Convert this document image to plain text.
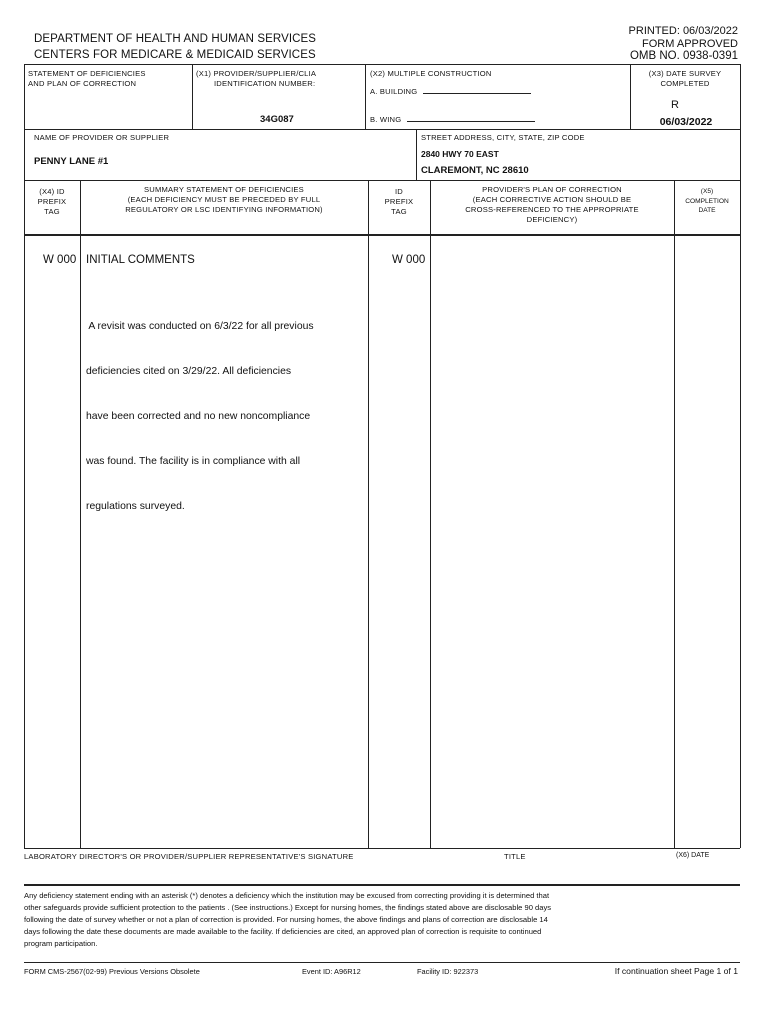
DEPARTMENT OF HEALTH AND HUMAN SERVICES
CENTERS FOR MEDICARE & MEDICAID SERVICES
PRINTED: 06/03/2022
FORM APPROVED
OMB NO. 0938-0391
STATEMENT OF DEFICIENCIES
AND PLAN OF CORRECTION
(X1) PROVIDER/SUPPLIER/CLIA
IDENTIFICATION NUMBER:
34G087
(X2) MULTIPLE CONSTRUCTION
A. BUILDING
B. WING
(X3) DATE SURVEY
COMPLETED
R
06/03/2022
NAME OF PROVIDER OR SUPPLIER
PENNY LANE #1
STREET ADDRESS, CITY, STATE, ZIP CODE
2840 HWY 70 EAST
CLAREMONT, NC 28610
(X4) ID
PREFIX
TAG
SUMMARY STATEMENT OF DEFICIENCIES
(EACH DEFICIENCY MUST BE PRECEDED BY FULL
REGULATORY OR LSC IDENTIFYING INFORMATION)
ID
PREFIX
TAG
PROVIDER'S PLAN OF CORRECTION
(EACH CORRECTIVE ACTION SHOULD BE
CROSS-REFERENCED TO THE APPROPRIATE
DEFICIENCY)
(X5)
COMPLETION
DATE
W 000 INITIAL COMMENTS	W 000

A revisit was conducted on 6/3/22 for all previous

deficiencies cited on 3/29/22. All deficiencies

have been corrected and no new noncompliance

was found. The facility is in compliance with all

regulations surveyed.

LABORATORY DIRECTOR'S OR PROVIDER/SUPPLIER REPRESENTATIVE'S SIGNATURE	TITLE	(X6) DATE
Any deficiency statement ending with an asterisk (*) denotes a deficiency which the institution may be excused from correcting providing it is determined that
other safeguards provide sufficient protection to the patients . (See instructions.) Except for nursing homes, the findings stated above are disclosable 90 days
following the date of survey whether or not a plan of correction is provided. For nursing homes, the above findings and plans of correction are disclosable 14
days following the date these documents are made available to the facility. If deficiencies are cited, an approved plan of correction is requisite to continued
program participation.
FORM CMS-2567(02-99) Previous Versions Obsolete	Event ID: A96R12	Facility ID: 922373	If continuation sheet Page 1 of 1
